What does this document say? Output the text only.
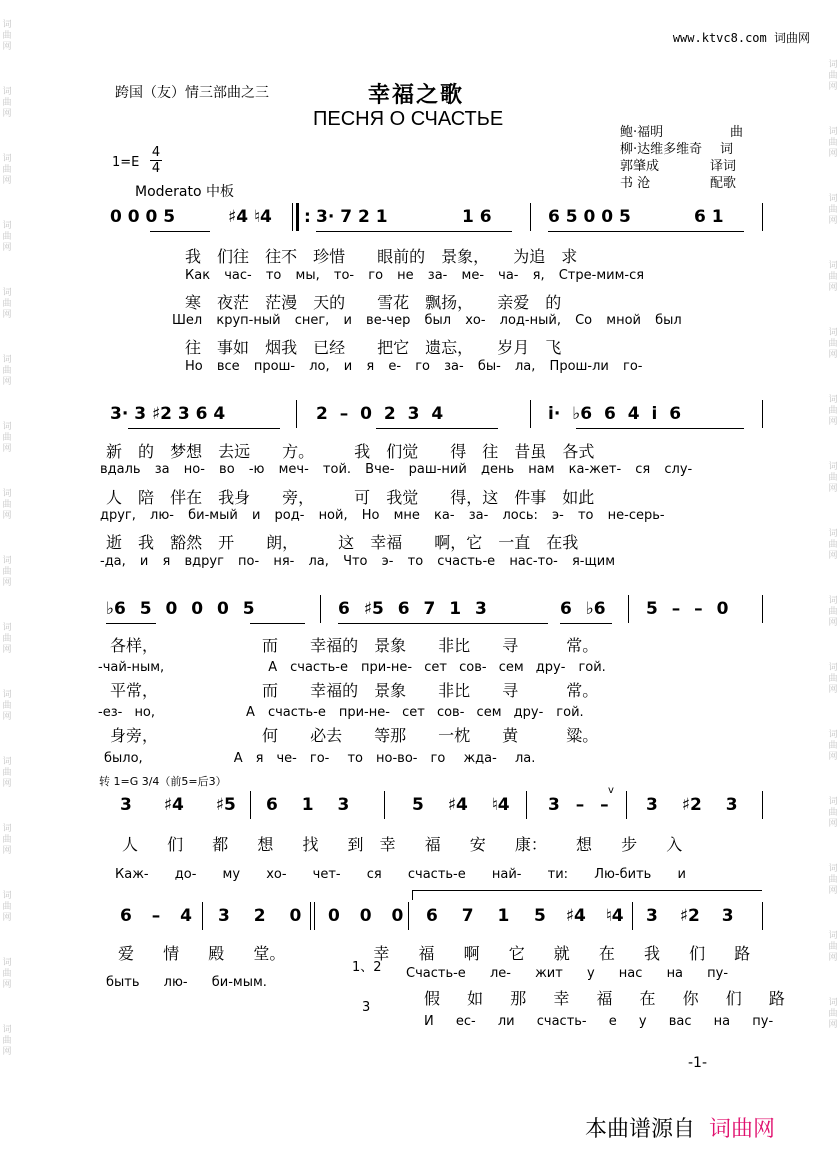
词
曲
网
词
曲
网
词
曲
网
词
曲
网
词
曲
网
词
曲
网
词
曲
网
词
曲
网
词
曲
网
词
曲
网
词
曲
网
词
曲
网
词
曲
网
词
曲
网
词
曲
网
词
曲
网
词
曲
网
词
曲
网
词
曲
网
词
曲
网
词
曲
网
词
曲
网
词
曲
网
词
曲
网
词
曲
网
词
曲
网
词
曲
网
词
曲
网
词
曲
网
词
曲
网
词
曲
网
www.ktvc8.com 词曲网
跨国（友）情三部曲之三	幸福之歌
ПЕСНЯ О СЧАСТЬЕ
1=E
4
4
Moderato 中板
鲍·福明	曲
柳·达维多维奇 词
郭肇成	译词
书 沧	配歌
0 0 0 5	♯4 ♮4 : 3· 7 2 1	1 6	6 5 0 0 5	6 1
我　 们往　 往不　 珍惜　　 眼前的　 景象，　　 为追　 求
Как час- то мы, то- го не за- ме- ча- я, Стре-мим-ся
寒　 夜茫　 茫漫　 天的　　 雪花　 飘扬，　　 亲爱　 的
Шел круп-ный снег, и ве-чер был хо- лод-ный, Со мной был
往　 事如　 烟我　 已经　　 把它　 遗忘，　　 岁月　 飞
Но все прош- ло, и я е- го за- бы- ла, Прош-ли го-
3· 3 ♯2 3 6 4	2 – 0 2 3 4	i· ♭6 6 4 i 6
新　 的　 梦想　 去远　　 方。　　　	我　 们觉　　 得　 往　 昔虽　 各式
вдаль за но- во -ю меч- той. Вче- раш-ний день нам ка-жет- ся слу-
人　 陪　 伴在　 我身　　 旁，　　　	可　 我觉　　 得，这　 件事　 如此
друг, лю- би-мый и род- ной, Но мне ка- за- лось: э- то не-серь-
逝　 我　 豁然　 开　　 朗，　　　	这　 幸福　　 啊，它　 一直　 在我
-да, и я вдруг по- ня- ла, Что э- то счасть-е нас-то- я-щим
♭6 5 0 0 0 5	6 ♯5 6 7 1 3	6 ♭6 5 – – 0
各样，　　　　　　　	而　　 幸福的　 景象　　 非比　　 寻　　　	常。
-чай-ным,　　　　　　　　	А　 счасть-е　 при-не- сет сов- сем дру-　 гой.
平常，　　　　　　　	而　　 幸福的　 景象　　 非比　　 寻　　　	常。
-ез- но,　　　　　　　	А　 счасть-е　 при-не- сет сов- сем дру-　 гой.
身旁，　　　　　　　	何　　 必去　　 等那　　 一枕　　 黄　　　	粱。
было,　　　　　　　	А　 я　 че-　 го- то　 но-во-　 го жда- ла.
转 1=G 3/4（前5=后3）
3 ♯4 ♯5 6 1 3	5 ♯4 ♮4 3 – –
v
3 ♯2 3
人 们 都 想 找 到　 幸 福 安 康： 想 步 入
Каж- до- му хо- чет- ся счасть-е най- ти: Лю-бить и
6 – 4 3 2 0 0 0 0 6 7 1 5 ♯4 ♮4 3 ♯2 3
爱 情 殿 堂。　　　　　　	幸 福 啊 它 就 在 我 们 路
1、2
быть лю- би-мым.
Счасть-е ле- жит у нас на пу-
假 如 那 幸 福 在 你 们 路
3
И ес- ли счасть- е у вас на пу-
-1-
本曲谱源自 词曲网
